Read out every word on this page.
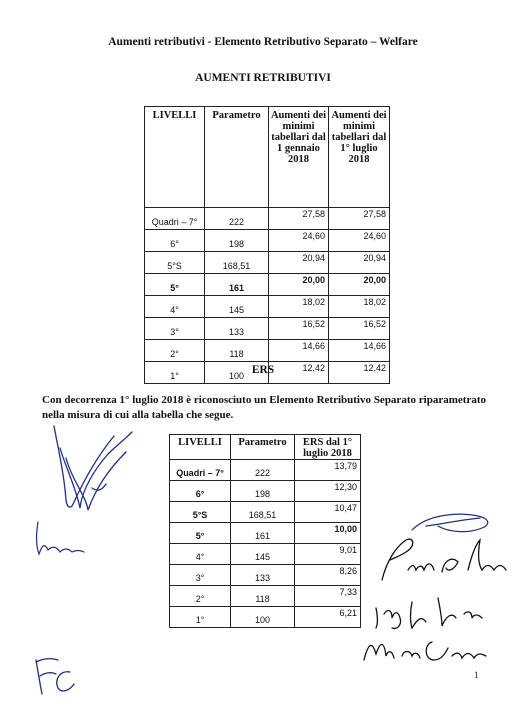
Aumenti retributivi - Elemento Retributivo Separato – Welfare
AUMENTI RETRIBUTIVI
LIVELLI	Parametro	Aumenti dei minimi tabellari dal 1 gennaio 2018	Aumenti dei minimi tabellari dal 1° luglio 2018
Quadri – 7°	222	27,58	27,58
6°	198	24,60	24,60
5°S	168,51	20,94	20,94
5°	161	20,00	20,00
4°	145	18,02	18,02
3°	133	16,52	16,52
2°	118	14,66	14,66
1°	100	12,42	12,42
ERS
Con decorrenza 1° luglio 2018 è riconosciuto un Elemento Retributivo Separato riparametrato nella misura di cui alla tabella che segue.
LIVELLI	Parametro	ERS dal 1° luglio 2018
Quadri – 7°	222	13,79
6°	198	12,30
5°S	168,51	10,47
5°	161	10,00
4°	145	9,01
3°	133	8,26
2°	118	7,33
1°	100	6,21
1
